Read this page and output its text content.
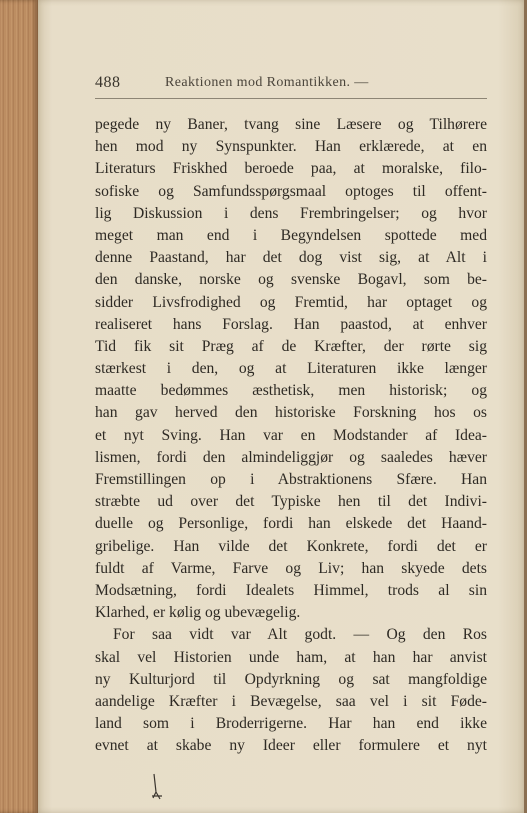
488	Reaktionen mod Romantikken. —
pegede ny Baner, tvang sine Læsere og Tilhørere
hen mod ny Synspunkter. Han erklærede, at en
Literaturs Friskhed beroede paa, at moralske, filo-
sofiske og Samfundsspørgsmaal optoges til offent-
lig Diskussion i dens Frembringelser; og hvor
meget man end i Begyndelsen spottede med
denne Paastand, har det dog vist sig, at Alt i
den danske, norske og svenske Bogavl, som be-
sidder Livsfrodighed og Fremtid, har optaget og
realiseret hans Forslag. Han paastod, at enhver
Tid fik sit Præg af de Kræfter, der rørte sig
stærkest i den, og at Literaturen ikke længer
maatte bedømmes æsthetisk, men historisk; og
han gav herved den historiske Forskning hos os
et nyt Sving. Han var en Modstander af Idea-
lismen, fordi den almindeliggjør og saaledes hæver
Fremstillingen op i Abstraktionens Sfære. Han
stræbte ud over det Typiske hen til det Indivi-
duelle og Personlige, fordi han elskede det Haand-
gribelige. Han vilde det Konkrete, fordi det er
fuldt af Varme, Farve og Liv; han skyede dets
Modsætning, fordi Idealets Himmel, trods al sin
Klarhed, er kølig og ubevægelig.
For saa vidt var Alt godt. — Og den Ros
skal vel Historien unde ham, at han har anvist
ny Kulturjord til Opdyrkning og sat mangfoldige
aandelige Kræfter i Bevægelse, saa vel i sit Føde-
land som i Broderrigerne. Har han end ikke
evnet at skabe ny Ideer eller formulere et nyt
